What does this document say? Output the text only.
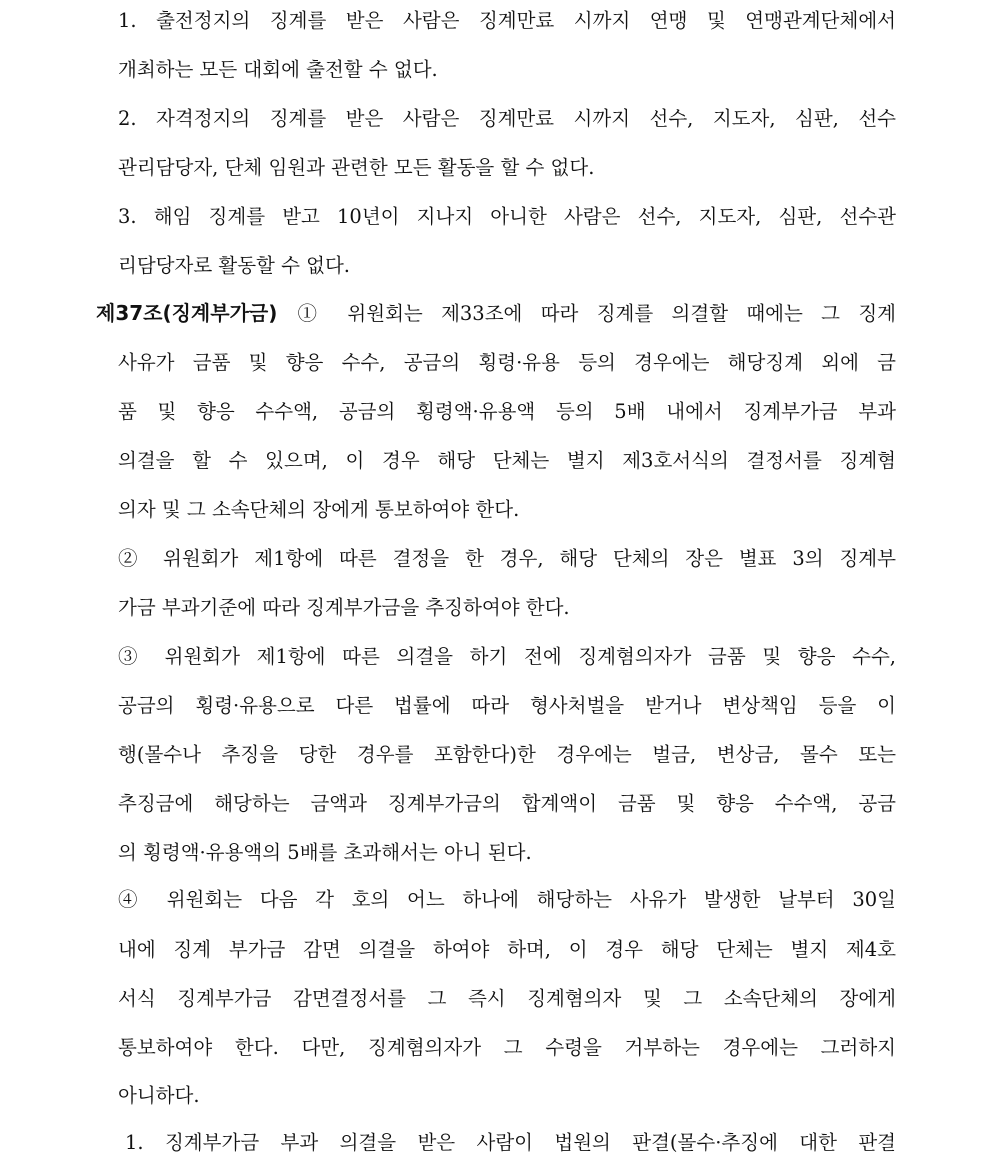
1. 출전정지의 징계를 받은 사람은 징계만료 시까지 연맹 및 연맹관계단체에서
개최하는 모든 대회에 출전할 수 없다.
2. 자격정지의 징계를 받은 사람은 징계만료 시까지 선수, 지도자, 심판, 선수
관리담당자, 단체 임원과 관련한 모든 활동을 할 수 없다.
3. 해임 징계를 받고 10년이 지나지 아니한 사람은 선수, 지도자, 심판, 선수관
리담당자로 활동할 수 없다.
제37조(징계부가금) ① 위원회는 제33조에 따라 징계를 의결할 때에는 그 징계
사유가 금품 및 향응 수수, 공금의 횡령·유용 등의 경우에는 해당징계 외에 금
품 및 향응 수수액, 공금의 횡령액·유용액 등의 5배 내에서 징계부가금 부과
의결을 할 수 있으며, 이 경우 해당 단체는 별지 제3호서식의 결정서를 징계혐
의자 및 그 소속단체의 장에게 통보하여야 한다.
② 위원회가 제1항에 따른 결정을 한 경우, 해당 단체의 장은 별표 3의 징계부
가금 부과기준에 따라 징계부가금을 추징하여야 한다.
③ 위원회가 제1항에 따른 의결을 하기 전에 징계혐의자가 금품 및 향응 수수,
공금의 횡령·유용으로 다른 법률에 따라 형사처벌을 받거나 변상책임 등을 이
행(몰수나 추징을 당한 경우를 포함한다)한 경우에는 벌금, 변상금, 몰수 또는
추징금에 해당하는 금액과 징계부가금의 합계액이 금품 및 향응 수수액, 공금
의 횡령액·유용액의 5배를 초과해서는 아니 된다.
④ 위원회는 다음 각 호의 어느 하나에 해당하는 사유가 발생한 날부터 30일
내에 징계 부가금 감면 의결을 하여야 하며, 이 경우 해당 단체는 별지 제4호
서식 징계부가금 감면결정서를 그 즉시 징계혐의자 및 그 소속단체의 장에게
통보하여야 한다. 다만, 징계혐의자가 그 수령을 거부하는 경우에는 그러하지
아니하다.
1. 징계부가금 부과 의결을 받은 사람이 법원의 판결(몰수·추징에 대한 판결
